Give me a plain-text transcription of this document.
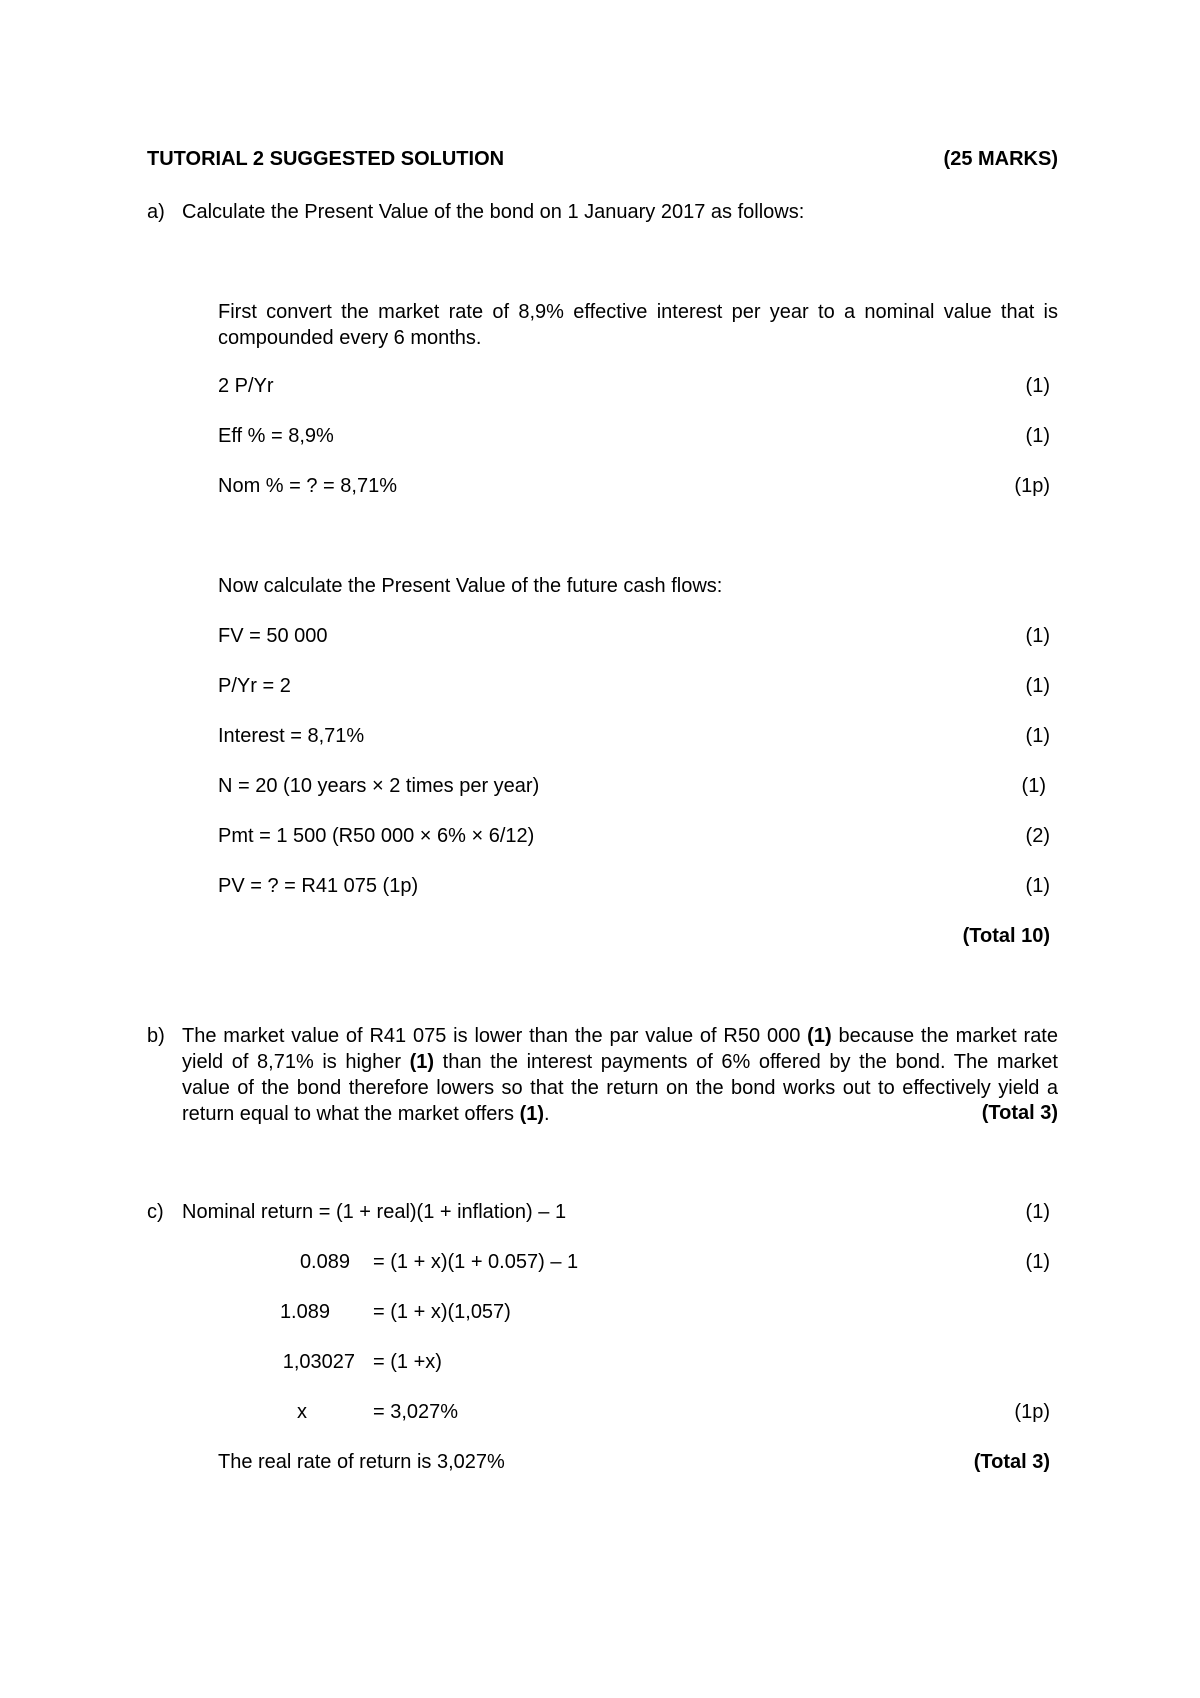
TUTORIAL 2 SUGGESTED SOLUTION	(25 MARKS)
a) Calculate the Present Value of the bond on 1 January 2017 as follows:
First convert the market rate of 8,9% effective interest per year to a nominal value that is compounded every 6 months.
2 P/Yr	(1)
Eff % = 8,9%	(1)
Nom % = ? = 8,71%	(1p)
Now calculate the Present Value of the future cash flows:
FV = 50 000	(1)
P/Yr = 2	(1)
Interest = 8,71%	(1)
N = 20 (10 years × 2 times per year)	(1)
Pmt = 1 500 (R50 000 × 6% × 6/12)	(2)
PV = ? = R41 075 (1p)	(1)
(Total 10)
b) The market value of R41 075 is lower than the par value of R50 000 (1) because the market rate yield of 8,71% is higher (1) than the interest payments of 6% offered by the bond. The market value of the bond therefore lowers so that the return on the bond works out to effectively yield a return equal to what the market offers (1).	(Total 3)
c) Nominal return = (1 + real)(1 + inflation) – 1	(1)
0.089 = (1 + x)(1 + 0.057) – 1	(1)
1.089 = (1 + x)(1,057)
1,03027 = (1 +x)
x	= 3,027%	(1p)
The real rate of return is 3,027%	(Total 3)
